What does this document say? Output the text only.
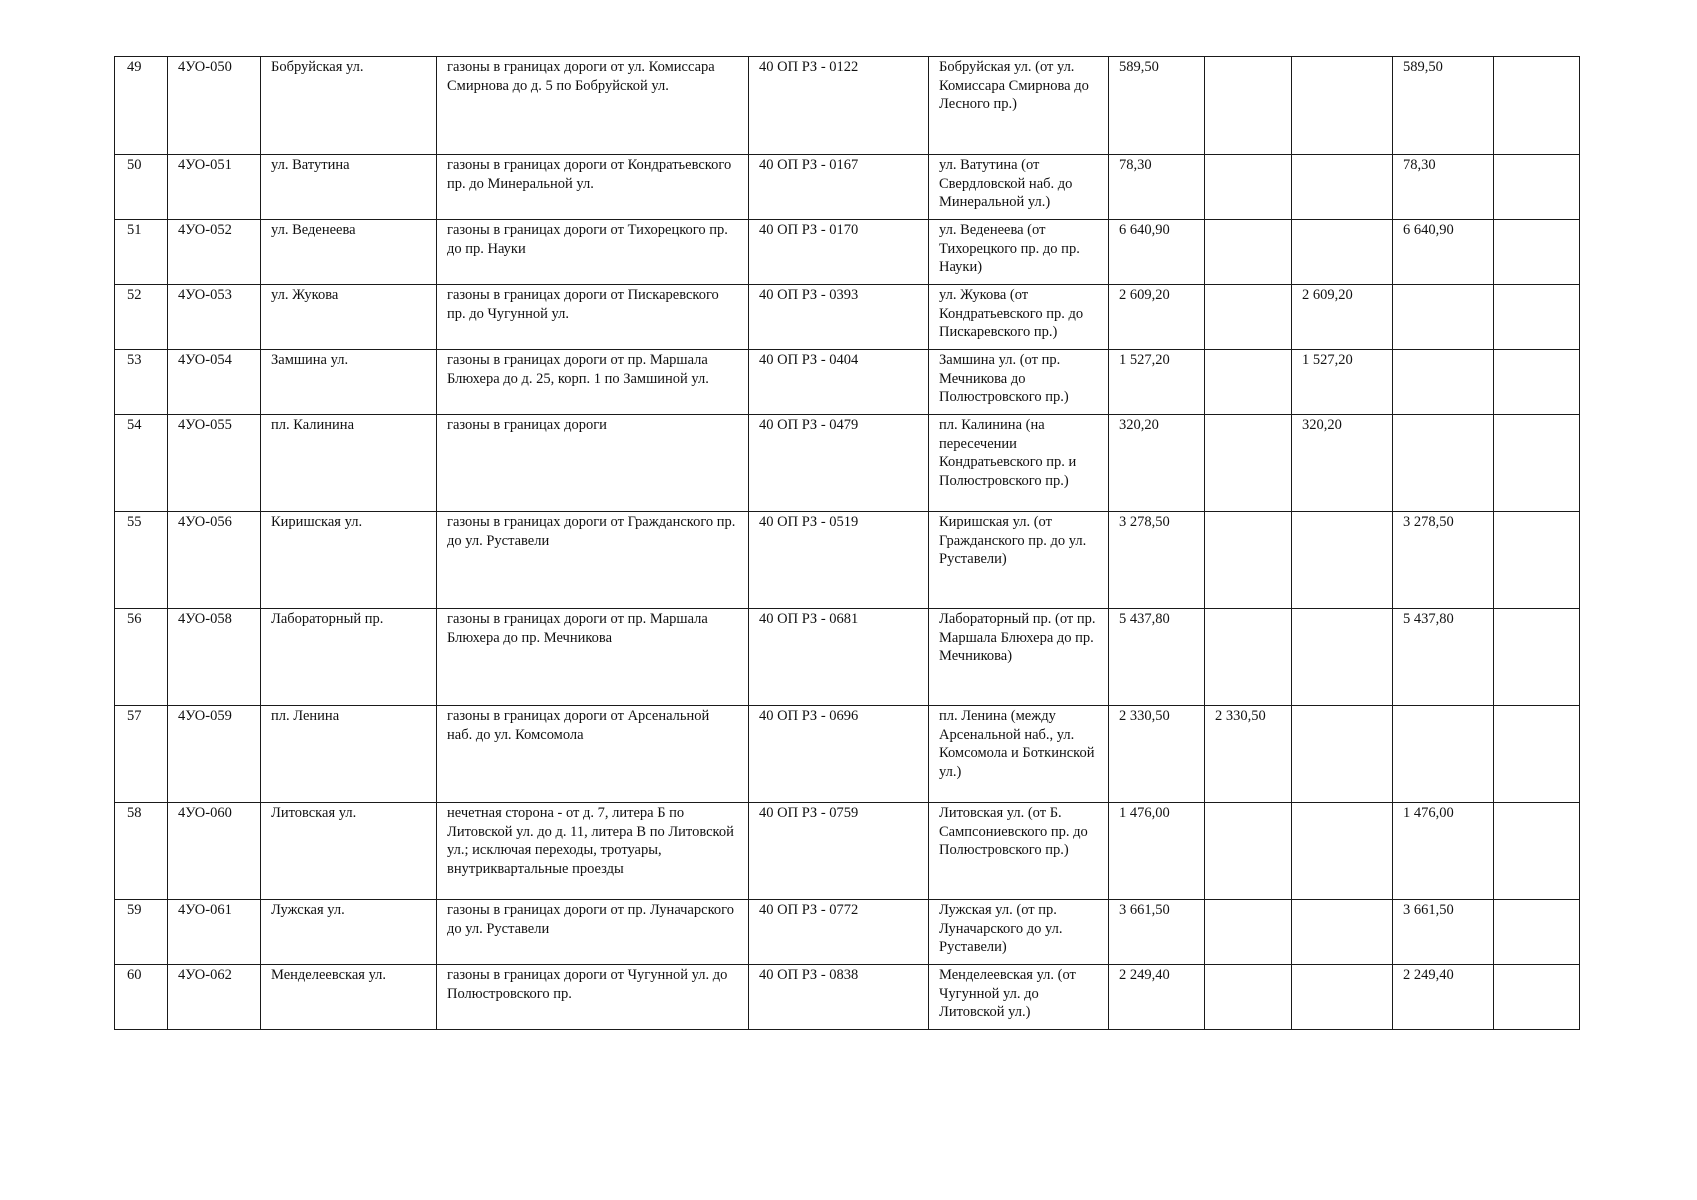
49	4УО-050	Бобруйская ул.	газоны в границах дороги от ул. Комиссара Смирнова до д. 5 по Бобруйской ул.	40 ОП РЗ - 0122	Бобруйская ул. (от ул. Комиссара Смирнова до Лесного пр.)	589,50			589,50	
50	4УО-051	ул. Ватутина	газоны в границах дороги от Кондратьевского пр. до Минеральной ул.	40 ОП РЗ - 0167	ул. Ватутина (от Свердловской наб. до Минеральной ул.)	78,30			78,30	
51	4УО-052	ул. Веденеева	газоны в границах дороги от Тихорецкого пр. до пр. Науки	40 ОП РЗ - 0170	ул. Веденеева (от Тихорецкого пр. до пр. Науки)	6 640,90			6 640,90	
52	4УО-053	ул. Жукова	газоны в границах дороги от Пискаревского пр. до Чугунной ул.	40 ОП РЗ - 0393	ул. Жукова (от Кондратьевского пр. до Пискаревского пр.)	2 609,20		2 609,20		
53	4УО-054	Замшина ул.	газоны в границах дороги от пр. Маршала Блюхера до д. 25, корп. 1 по Замшиной ул.	40 ОП РЗ - 0404	Замшина ул. (от пр. Мечникова до Полюстровского пр.)	1 527,20		1 527,20		
54	4УО-055	пл. Калинина	газоны в границах дороги	40 ОП РЗ - 0479	пл. Калинина (на пересечении Кондратьевского пр. и Полюстровского пр.)	320,20		320,20		
55	4УО-056	Киришская ул.	газоны в границах дороги от Гражданского пр. до ул. Руставели	40 ОП РЗ - 0519	Киришская ул. (от Гражданского пр. до ул. Руставели)	3 278,50			3 278,50	
56	4УО-058	Лабораторный пр.	газоны в границах дороги от пр. Маршала Блюхера до пр. Мечникова	40 ОП РЗ - 0681	Лабораторный пр. (от пр. Маршала Блюхера до пр. Мечникова)	5 437,80			5 437,80	
57	4УО-059	пл. Ленина	газоны в границах дороги от Арсенальной наб. до ул. Комсомола	40 ОП РЗ - 0696	пл. Ленина (между Арсенальной наб., ул. Комсомола и Боткинской ул.)	2 330,50	2 330,50			
58	4УО-060	Литовская ул.	нечетная сторона - от д. 7, литера Б по Литовской ул. до д. 11, литера В по Литовской ул.; исключая переходы, тротуары, внутриквартальные проезды	40 ОП РЗ - 0759	Литовская ул. (от Б. Сампсониевского пр. до Полюстровского пр.)	1 476,00			1 476,00	
59	4УО-061	Лужская ул.	газоны в границах дороги от пр. Луначарского до ул. Руставели	40 ОП РЗ - 0772	Лужская ул. (от пр. Луначарского до ул. Руставели)	3 661,50			3 661,50	
60	4УО-062	Менделеевская ул.	газоны в границах дороги от Чугунной ул. до Полюстровского пр.	40 ОП РЗ - 0838	Менделеевская ул. (от Чугунной ул. до Литовской ул.)	2 249,40			2 249,40	
